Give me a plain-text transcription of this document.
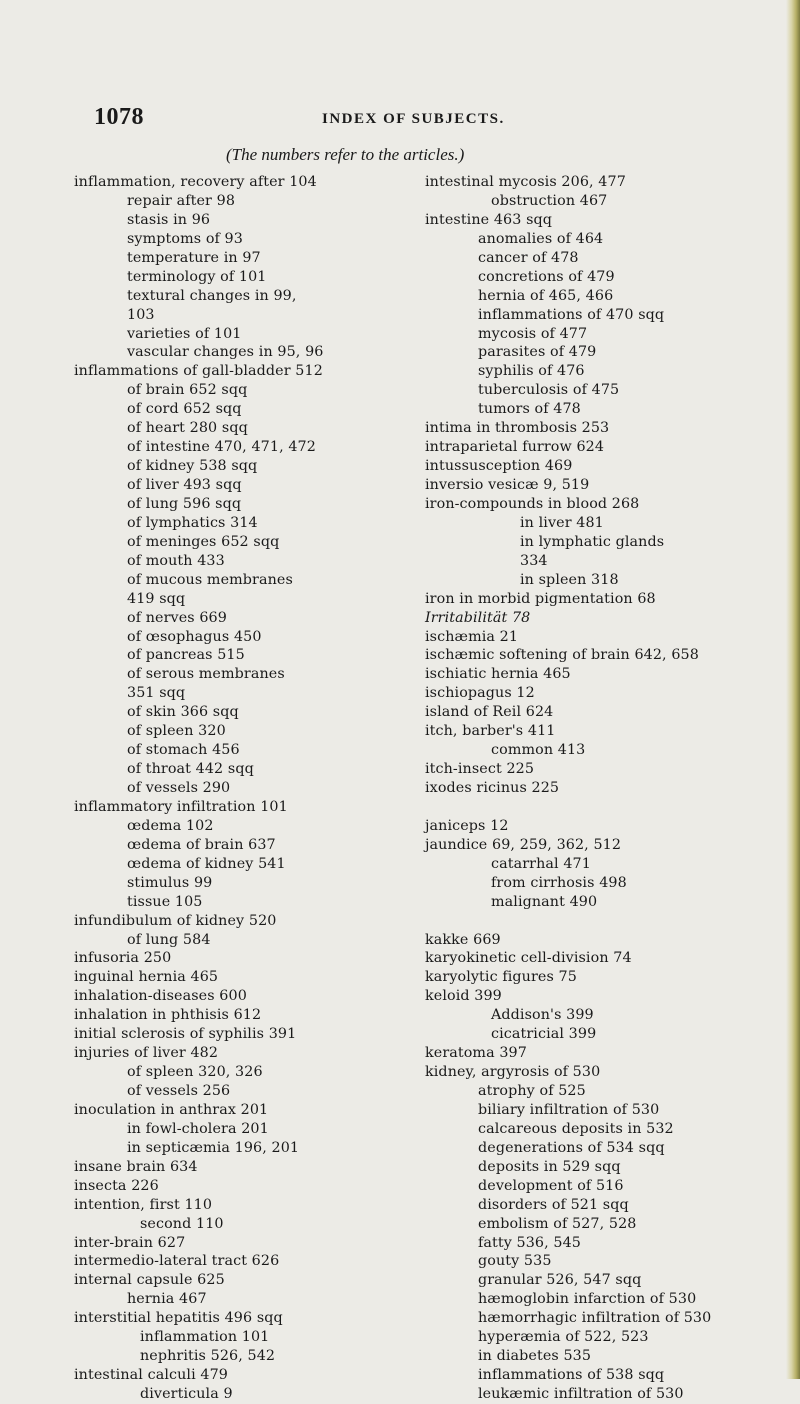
1078	INDEX OF SUBJECTS.
(The numbers refer to the articles.)
inflammation, recovery after 104
repair after 98
stasis in 96
symptoms of 93
temperature in 97
terminology of 101
textural changes in 99,
103
varieties of 101
vascular changes in 95, 96
inflammations of gall-bladder 512
of brain 652 sqq
of cord 652 sqq
of heart 280 sqq
of intestine 470, 471, 472
of kidney 538 sqq
of liver 493 sqq
of lung 596 sqq
of lymphatics 314
of meninges 652 sqq
of mouth 433
of mucous membranes
419 sqq
of nerves 669
of œsophagus 450
of pancreas 515
of serous membranes
351 sqq
of skin 366 sqq
of spleen 320
of stomach 456
of throat 442 sqq
of vessels 290
inflammatory infiltration 101
œdema 102
œdema of brain 637
œdema of kidney 541
stimulus 99
tissue 105
infundibulum of kidney 520
of lung 584
infusoria 250
inguinal hernia 465
inhalation-diseases 600
inhalation in phthisis 612
initial sclerosis of syphilis 391
injuries of liver 482
of spleen 320, 326
of vessels 256
inoculation in anthrax 201
in fowl-cholera 201
in septicæmia 196, 201
insane brain 634
insecta 226
intention, first 110
second 110
inter-brain 627
intermedio-lateral tract 626
internal capsule 625
hernia 467
interstitial hepatitis 496 sqq
inflammation 101
nephritis 526, 542
intestinal calculi 479
diverticula 9
intestinal mycosis 206, 477
obstruction 467
intestine 463 sqq
anomalies of 464
cancer of 478
concretions of 479
hernia of 465, 466
inflammations of 470 sqq
mycosis of 477
parasites of 479
syphilis of 476
tuberculosis of 475
tumors of 478
intima in thrombosis 253
intraparietal furrow 624
intussusception 469
inversio vesicæ 9, 519
iron-compounds in blood 268
in liver 481
in lymphatic glands
334
in spleen 318
iron in morbid pigmentation 68
Irritabilität 78
ischæmia 21
ischæmic softening of brain 642, 658
ischiatic hernia 465
ischiopagus 12
island of Reil 624
itch, barber's 411
common 413
itch-insect 225
ixodes ricinus 225
janiceps 12
jaundice 69, 259, 362, 512
catarrhal 471
from cirrhosis 498
malignant 490
kakke 669
karyokinetic cell-division 74
karyolytic figures 75
keloid 399
Addison's 399
cicatricial 399
keratoma 397
kidney, argyrosis of 530
atrophy of 525
biliary infiltration of 530
calcareous deposits in 532
degenerations of 534 sqq
deposits in 529 sqq
development of 516
disorders of 521 sqq
embolism of 527, 528
fatty 536, 545
gouty 535
granular 526, 547 sqq
hæmoglobin infarction of 530
hæmorrhagic infiltration of 530
hyperæmia of 522, 523
in diabetes 535
inflammations of 538 sqq
leukæmic infiltration of 530
